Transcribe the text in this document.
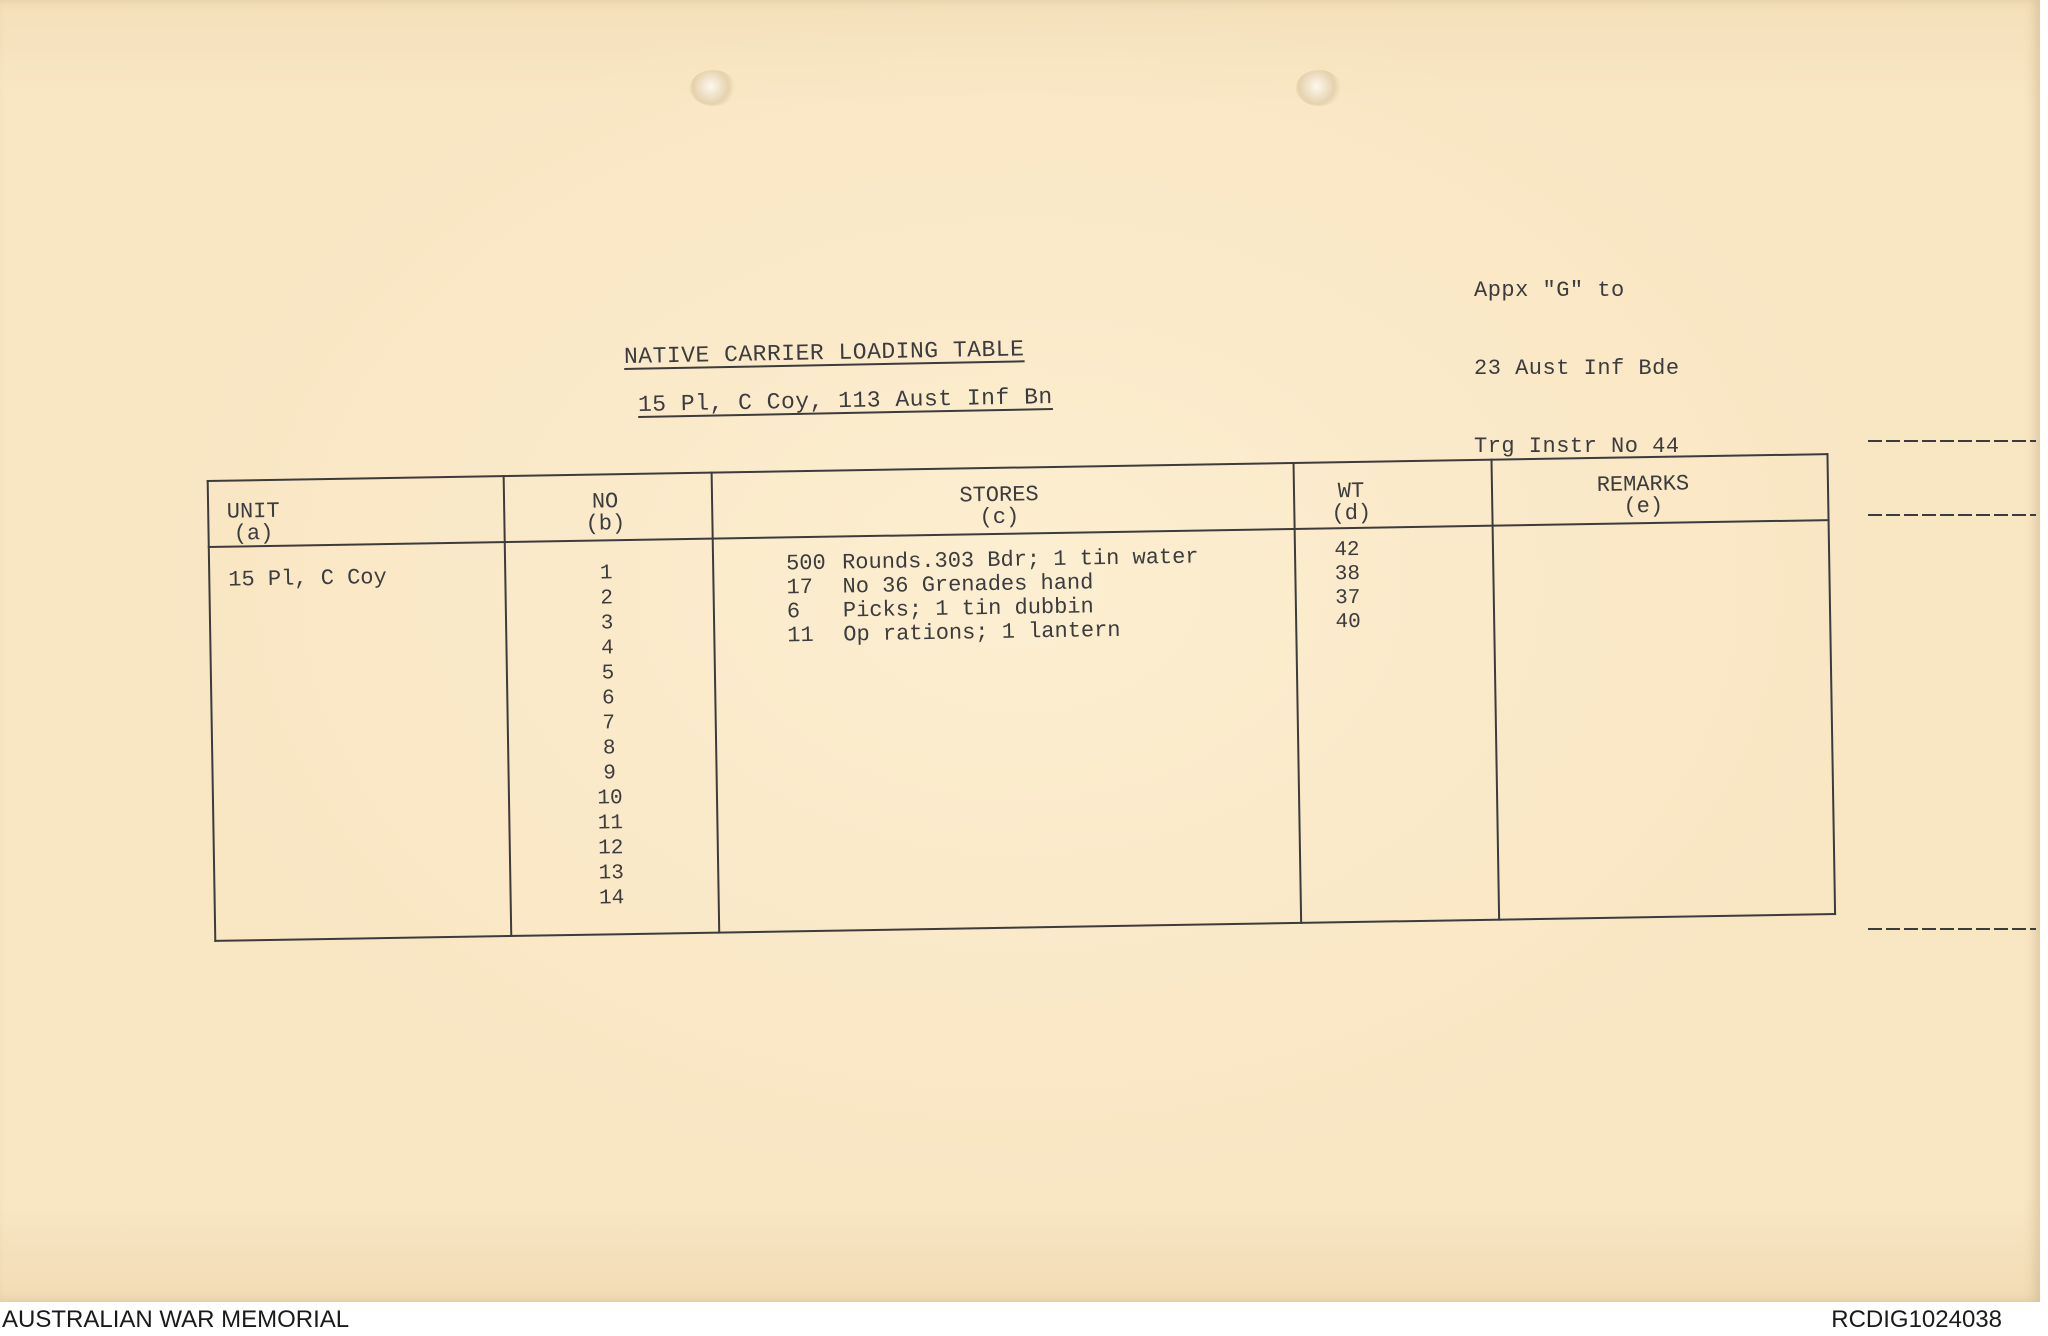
Appx "G" to

23 Aust Inf Bde

Trg Instr No 44

NATIVE CARRIER LOADING TABLE
15 Pl, C Coy, 113 Aust Inf Bn
UNIT
(a)
NO
(b)
STORES
(c)
WT
(d)
REMARKS
(e)
15 Pl, C Coy	1
2
3
4
5
6
7
8
9
10
11
12
13
14
500 Rounds.303 Bdr; 1 tin water
17 No 36 Grenades hand
6 Picks; 1 tin dubbin
11 Op rations; 1 lantern
42
38
37
40
AUSTRALIAN WAR MEMORIAL	RCDIG1024038
